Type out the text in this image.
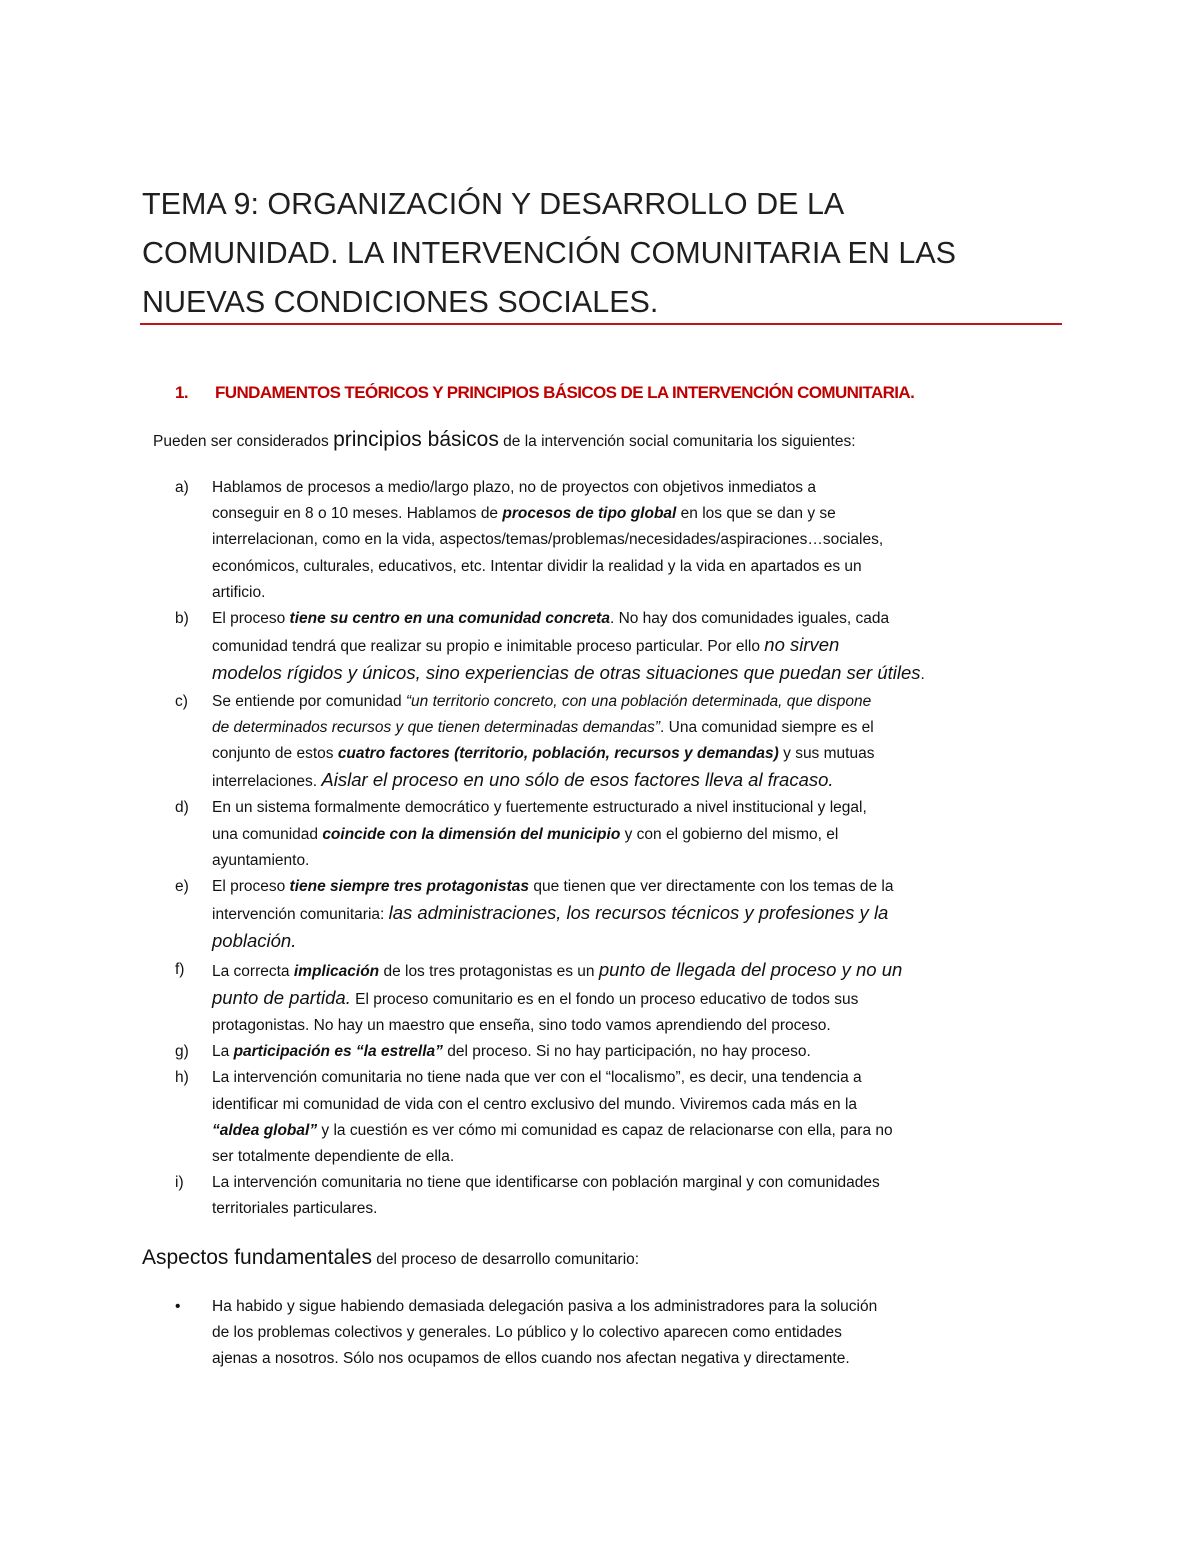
TEMA 9: ORGANIZACIÓN Y DESARROLLO DE LA
COMUNIDAD. LA INTERVENCIÓN COMUNITARIA EN LAS
NUEVAS CONDICIONES SOCIALES.
1. FUNDAMENTOS TEÓRICOS Y PRINCIPIOS BÁSICOS DE LA INTERVENCIÓN COMUNITARIA.
Pueden ser considerados principios básicos de la intervención social comunitaria los siguientes:
a)	Hablamos de procesos a medio/largo plazo, no de proyectos con objetivos inmediatos a
conseguir en 8 o 10 meses. Hablamos de procesos de tipo global en los que se dan y se
interrelacionan, como en la vida, aspectos/temas/problemas/necesidades/aspiraciones…sociales,
económicos, culturales, educativos, etc. Intentar dividir la realidad y la vida en apartados es un
artificio.
b)	El proceso tiene su centro en una comunidad concreta. No hay dos comunidades iguales, cada
comunidad tendrá que realizar su propio e inimitable proceso particular. Por ello no sirven
modelos rígidos y únicos, sino experiencias de otras situaciones que puedan ser útiles.
c)	Se entiende por comunidad “un territorio concreto, con una población determinada, que dispone
de determinados recursos y que tienen determinadas demandas”. Una comunidad siempre es el
conjunto de estos cuatro factores (territorio, población, recursos y demandas) y sus mutuas
interrelaciones. Aislar el proceso en uno sólo de esos factores lleva al fracaso.
d)	En un sistema formalmente democrático y fuertemente estructurado a nivel institucional y legal,
una comunidad coincide con la dimensión del municipio y con el gobierno del mismo, el
ayuntamiento.
e)	El proceso tiene siempre tres protagonistas que tienen que ver directamente con los temas de la
intervención comunitaria: las administraciones, los recursos técnicos y profesiones y la
población.
f)	La correcta implicación de los tres protagonistas es un punto de llegada del proceso y no un
punto de partida. El proceso comunitario es en el fondo un proceso educativo de todos sus
protagonistas. No hay un maestro que enseña, sino todo vamos aprendiendo del proceso.
g)	La participación es “la estrella” del proceso. Si no hay participación, no hay proceso.
h)	La intervención comunitaria no tiene nada que ver con el “localismo”, es decir, una tendencia a
identificar mi comunidad de vida con el centro exclusivo del mundo. Viviremos cada más en la
“aldea global” y la cuestión es ver cómo mi comunidad es capaz de relacionarse con ella, para no
ser totalmente dependiente de ella.
i)	La intervención comunitaria no tiene que identificarse con población marginal y con comunidades
territoriales particulares.
Aspectos fundamentales del proceso de desarrollo comunitario:
•	Ha habido y sigue habiendo demasiada delegación pasiva a los administradores para la solución
de los problemas colectivos y generales. Lo público y lo colectivo aparecen como entidades
ajenas a nosotros. Sólo nos ocupamos de ellos cuando nos afectan negativa y directamente.
